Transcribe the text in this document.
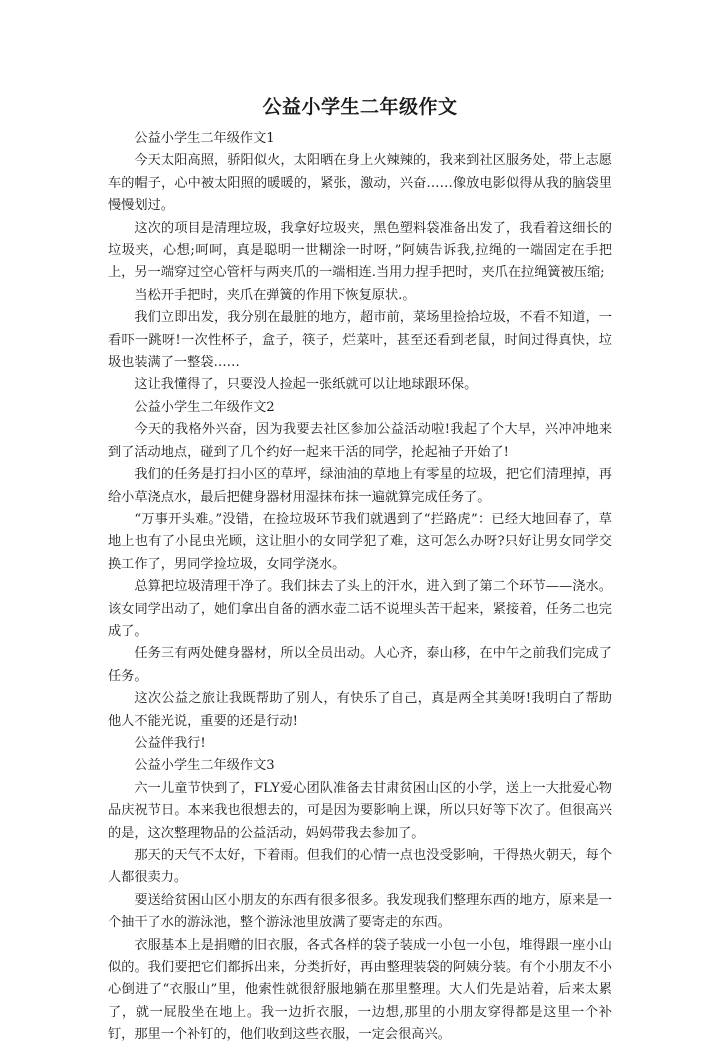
公益小学生二年级作文

公益小学生二年级作文1

今天太阳高照，骄阳似火，太阳晒在身上火辣辣的，我来到社区服务处，带上志愿车的帽子，心中被太阳照的暖暖的，紧张，激动，兴奋……像放电影似得从我的脑袋里慢慢划过。

这次的项目是清理垃圾，我拿好垃圾夹，黑色塑料袋准备出发了，我看着这细长的垃圾夹，心想;呵呵，真是聪明一世糊涂一时呀，”阿姨告诉我,拉绳的一端固定在手把上，另一端穿过空心管杆与两夹爪的一端相连.当用力捏手把时，夹爪在拉绳簧被压缩;

当松开手把时，夹爪在弹簧的作用下恢复原状.。

我们立即出发，我分别在最脏的地方，超市前，菜场里捡拾垃圾，不看不知道，一看吓一跳呀!一次性杯子，盒子，筷子，烂菜叶，甚至还看到老鼠，时间过得真快，垃圾也装满了一整袋……

这让我懂得了，只要没人捡起一张纸就可以让地球跟环保。

公益小学生二年级作文2

今天的我格外兴奋，因为我要去社区参加公益活动啦!我起了个大早，兴冲冲地来到了活动地点，碰到了几个约好一起来干活的同学，抡起袖子开始了!

我们的任务是打扫小区的草坪，绿油油的草地上有零星的垃圾，把它们清理掉，再给小草浇点水，最后把健身器材用湿抹布抹一遍就算完成任务了。

“万事开头难。”没错，在捡垃圾环节我们就遇到了“拦路虎”：已经大地回春了，草地上也有了小昆虫光顾，这让胆小的女同学犯了难，这可怎么办呀?只好让男女同学交换工作了，男同学捡垃圾，女同学浇水。

总算把垃圾清理干净了。我们抹去了头上的汗水，进入到了第二个环节——浇水。该女同学出动了，她们拿出自备的洒水壶二话不说埋头苦干起来，紧接着，任务二也完成了。

任务三有两处健身器材，所以全员出动。人心齐，泰山移，在中午之前我们完成了任务。

这次公益之旅让我既帮助了别人，有快乐了自己，真是两全其美呀!我明白了帮助他人不能光说，重要的还是行动!

公益伴我行!

公益小学生二年级作文3

六一儿童节快到了，FLY爱心团队准备去甘肃贫困山区的小学，送上一大批爱心物品庆祝节日。本来我也很想去的，可是因为要影响上课，所以只好等下次了。但很高兴的是，这次整理物品的公益活动，妈妈带我去参加了。

那天的天气不太好，下着雨。但我们的心情一点也没受影响，干得热火朝天，每个人都很卖力。

要送给贫困山区小朋友的东西有很多很多。我发现我们整理东西的地方，原来是一个抽干了水的游泳池，整个游泳池里放满了要寄走的东西。

衣服基本上是捐赠的旧衣服，各式各样的袋子装成一小包一小包，堆得跟一座小山似的。我们要把它们都拆出来，分类折好，再由整理装袋的阿姨分装。有个小朋友不小心倒进了“衣服山”里，他索性就很舒服地躺在那里整理。大人们先是站着，后来太累了，就一屁股坐在地上。我一边折衣服，一边想,那里的小朋友穿得都是这里一个补钉，那里一个补钉的，他们收到这些衣服，一定会很高兴。
